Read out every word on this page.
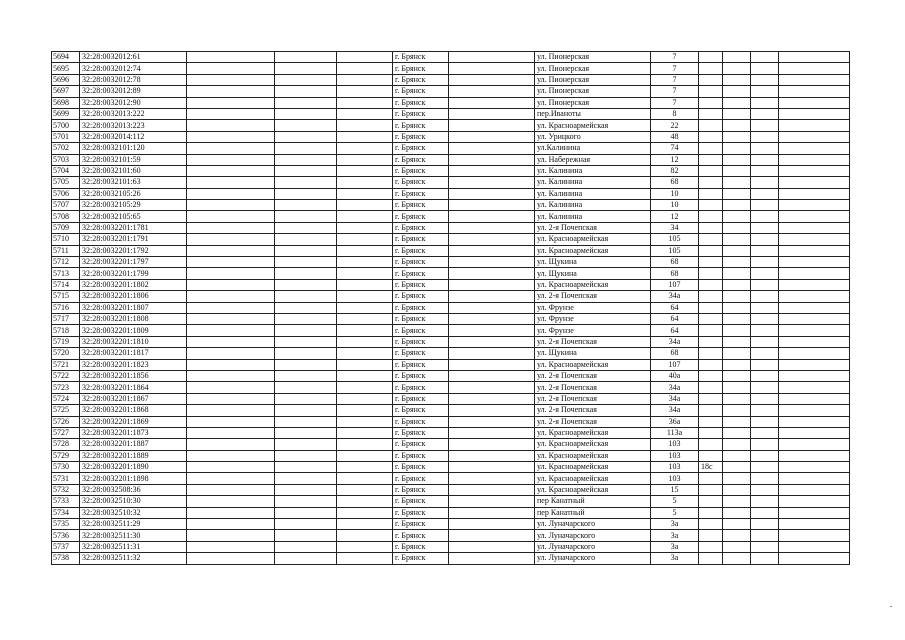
5694	32:28:0032012:61				г. Брянск		ул. Пионерская	7				
5695	32:28:0032012:74				г. Брянск		ул. Пионерская	7				
5696	32:28:0032012:78				г. Брянск		ул. Пионерская	7				
5697	32:28:0032012:89				г. Брянск		ул. Пионерская	7				
5698	32:28:0032012:90				г. Брянск		ул. Пионерская	7				
5699	32:28:0032013:222				г. Брянск		пер.Иваноты	8				
5700	32:28:0032013:223				г. Брянск		ул. Красноармейская	22				
5701	32:28:0032014:112				г. Брянск		ул. Урицкого	48				
5702	32:28:0032101:120				г. Брянск		ул.Калинина	74				
5703	32:28:0032101:59				г. Брянск		ул. Набережная	12				
5704	32:28:0032101:60				г. Брянск		ул. Калинина	82				
5705	32:28:0032101:63				г. Брянск		ул. Калинина	68				
5706	32:28:0032105:26				г. Брянск		ул. Калинина	10				
5707	32:28:0032105:29				г. Брянск		ул. Калинина	10				
5708	32:28:0032105:65				г. Брянск		ул. Калинина	12				
5709	32:28:0032201:1781				г. Брянск		ул. 2-я Почепская	34				
5710	32:28:0032201:1791				г. Брянск		ул. Красноармейская	105				
5711	32:28:0032201:1792				г. Брянск		ул. Красноармейская	105				
5712	32:28:0032201:1797				г. Брянск		ул. Щукина	68				
5713	32:28:0032201:1799				г. Брянск		ул. Щукина	68				
5714	32:28:0032201:1802				г. Брянск		ул. Красноармейская	107				
5715	32:28:0032201:1806				г. Брянск		ул. 2-я Почепская	34а				
5716	32:28:0032201:1807				г. Брянск		ул. Фрунзе	64				
5717	32:28:0032201:1808				г. Брянск		ул. Фрунзе	64				
5718	32:28:0032201:1809				г. Брянск		ул. Фрунзе	64				
5719	32:28:0032201:1810				г. Брянск		ул. 2-я Почепская	34а				
5720	32:28:0032201:1817				г. Брянск		ул. Щукина	68				
5721	32:28:0032201:1823				г. Брянск		ул. Красноармейская	107				
5722	32:28:0032201:1856				г. Брянск		ул. 2-я Почепская	40а				
5723	32:28:0032201:1864				г. Брянск		ул. 2-я Почепская	34а				
5724	32:28:0032201:1867				г. Брянск		ул. 2-я Почепская	34а				
5725	32:28:0032201:1868				г. Брянск		ул. 2-я Почепская	34а				
5726	32:28:0032201:1869				г. Брянск		ул. 2-я Почепская	36а				
5727	32:28:0032201:1873				г. Брянск		ул. Красноармейская	113а				
5728	32:28:0032201:1887				г. Брянск		ул. Красноармейская	103				
5729	32:28:0032201:1889				г. Брянск		ул. Красноармейская	103				
5730	32:28:0032201:1890				г. Брянск		ул. Красноармейская	103	18с			
5731	32:28:0032201:1898				г. Брянск		ул. Красноармейская	103				
5732	32:28:0032508:36				г. Брянск		ул. Красноармейская	15				
5733	32:28:0032510:30				г. Брянск		пер Канатный	5				
5734	32:28:0032510:32				г. Брянск		пер Канатный	5				
5735	32:28:0032511:29				г. Брянск		ул. Луначарского	3а				
5736	32:28:0032511:30				г. Брянск		ул. Луначарского	3а				
5737	32:28:0032511:31				г. Брянск		ул. Луначарского	3а				
5738	32:28:0032511:32				г. Брянск		ул. Луначарского	3а				
